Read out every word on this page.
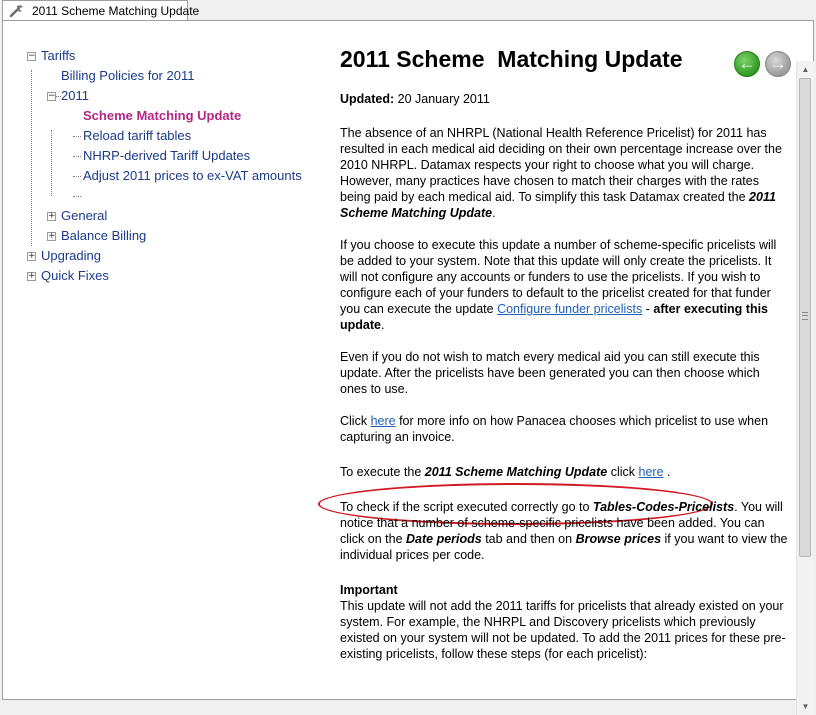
2011 Scheme Matching Update
− Tariffs
Billing Policies for 2011
− 2011
Scheme Matching Update
Reload tariff tables
NHRP-derived Tariff Updates
Adjust 2011 prices to ex-VAT amounts
+ General
+ Balance Billing
+ Upgrading
+ Quick Fixes
← →	▲
▼
2011 Scheme  Matching Update

Updated: 20 January 2011

The absence of an NHRPL (National Health Reference Pricelist) for 2011 has resulted in each medical aid deciding on their own percentage increase over the 2010 NHRPL. Datamax respects your right to choose what you will charge. However, many practices have chosen to match their charges with the rates being paid by each medical aid. To simplify this task Datamax created the 2011 Scheme Matching Update.

If you choose to execute this update a number of scheme-specific pricelists will be added to your system. Note that this update will only create the pricelists. It will not configure any accounts or funders to use the pricelists. If you wish to configure each of your funders to default to the pricelist created for that funder you can execute the update Configure funder pricelists - after executing this update.

Even if you do not wish to match every medical aid you can still execute this update. After the pricelists have been generated you can then choose which ones to use.

Click here for more info on how Panacea chooses which pricelist to use when capturing an invoice.

To execute the 2011 Scheme Matching Update click here .

To check if the script executed correctly go to Tables-Codes-Pricelists. You will notice that a number of scheme-specific pricelists have been added. You can click on the Date periods tab and then on Browse prices if you want to view the individual prices per code.

Important

This update will not add the 2011 tariffs for pricelists that already existed on your system. For example, the NHRPL and Discovery pricelists which previously existed on your system will not be updated. To add the 2011 prices for these pre-existing pricelists, follow these steps (for each pricelist):
